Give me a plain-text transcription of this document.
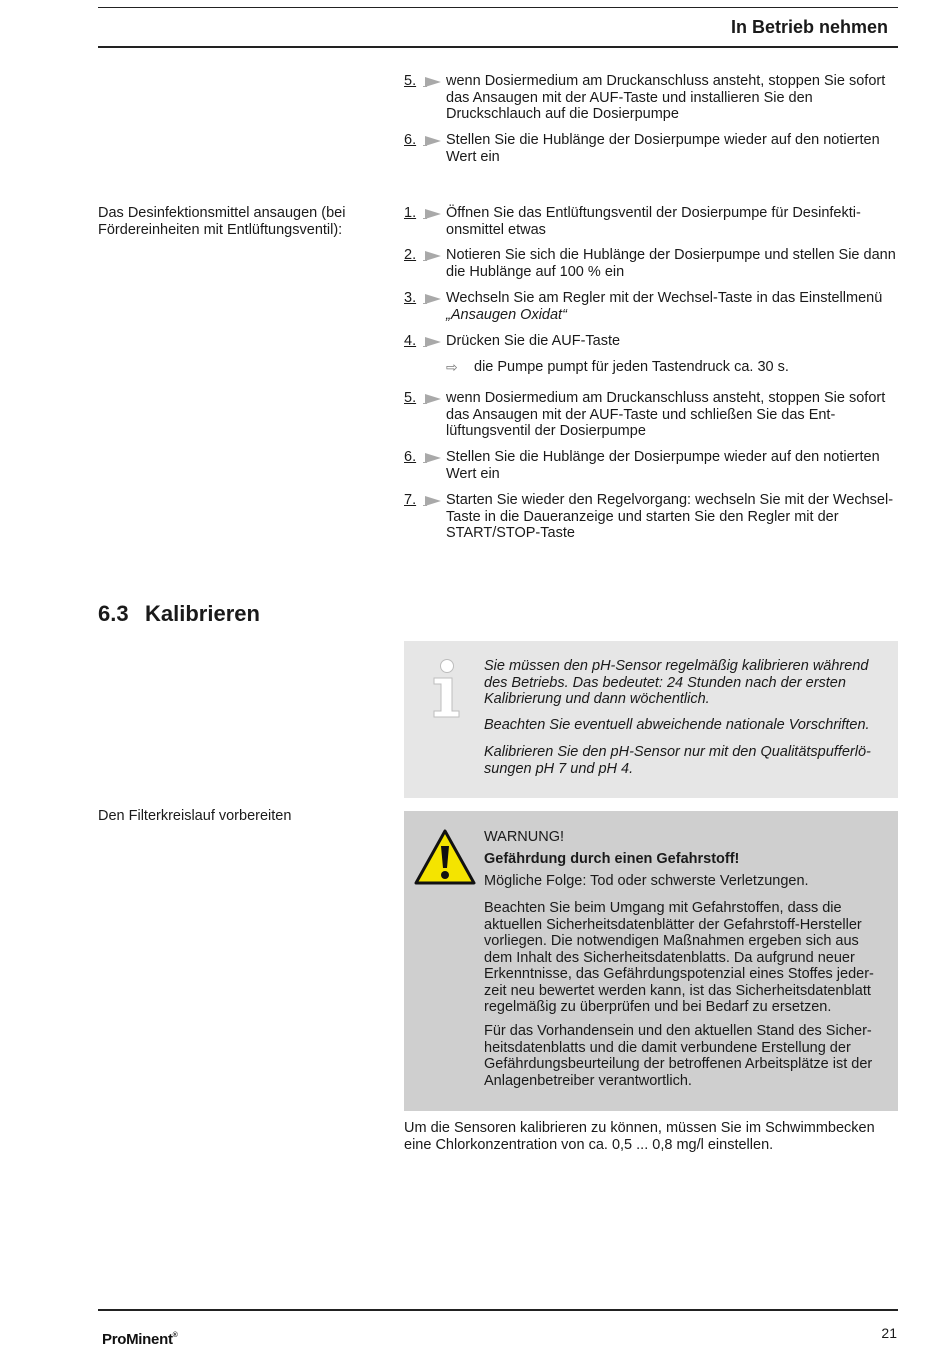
In Betrieb nehmen
5. wenn Dosiermedium am Druckanschluss ansteht, stoppen Sie sofort das Ansaugen mit der AUF-Taste und installieren Sie den Druckschlauch auf die Dosierpumpe
6. Stellen Sie die Hublänge der Dosierpumpe wieder auf den notierten Wert ein
Das Desinfektionsmittel ansaugen (bei
Fördereinheiten mit Entlüftungsventil):
1. Öffnen Sie das Entlüftungsventil der Dosierpumpe für Desinfekti-onsmittel etwas
2. Notieren Sie sich die Hublänge der Dosierpumpe und stellen Sie dann die Hublänge auf 100 % ein
3. Wechseln Sie am Regler mit der Wechsel-Taste in das Einstellmenü
„Ansaugen Oxidat“
4. Drücken Sie die AUF-Taste
⇨ die Pumpe pumpt für jeden Tastendruck ca. 30 s.
5. wenn Dosiermedium am Druckanschluss ansteht, stoppen Sie sofort das Ansaugen mit der AUF-Taste und schließen Sie das Ent-lüftungsventil der Dosierpumpe
6. Stellen Sie die Hublänge der Dosierpumpe wieder auf den notierten Wert ein
7. Starten Sie wieder den Regelvorgang: wechseln Sie mit der Wechsel-Taste in die Daueranzeige und starten Sie den Regler mit der START/STOP-Taste
6.3 Kalibrieren
Sie müssen den pH-Sensor regelmäßig kalibrieren während des Betriebs. Das bedeutet: 24 Stunden nach der ersten Kalibrierung und dann wöchentlich.
Beachten Sie eventuell abweichende nationale Vorschriften.
Kalibrieren Sie den pH-Sensor nur mit den Qualitätspufferlö-sungen pH 7 und pH 4.
Den Filterkreislauf vorbereiten
WARNUNG!
Gefährdung durch einen Gefahrstoff!
Mögliche Folge: Tod oder schwerste Verletzungen.
Beachten Sie beim Umgang mit Gefahrstoffen, dass die aktuellen Sicherheitsdatenblätter der Gefahrstoff-Hersteller vorliegen. Die notwendigen Maßnahmen ergeben sich aus dem Inhalt des Sicherheitsdatenblatts. Da aufgrund neuer Erkenntnisse, das Gefährdungspotenzial eines Stoffes jeder-zeit neu bewertet werden kann, ist das Sicherheitsdatenblatt regelmäßig zu überprüfen und bei Bedarf zu ersetzen.
Für das Vorhandensein und den aktuellen Stand des Sicher-heitsdatenblatts und die damit verbundene Erstellung der Gefährdungsbeurteilung der betroffenen Arbeitsplätze ist der Anlagenbetreiber verantwortlich.
Um die Sensoren kalibrieren zu können, müssen Sie im Schwimmbecken eine Chlorkonzentration von ca. 0,5 ... 0,8 mg/l einstellen.
ProMinent®	21
